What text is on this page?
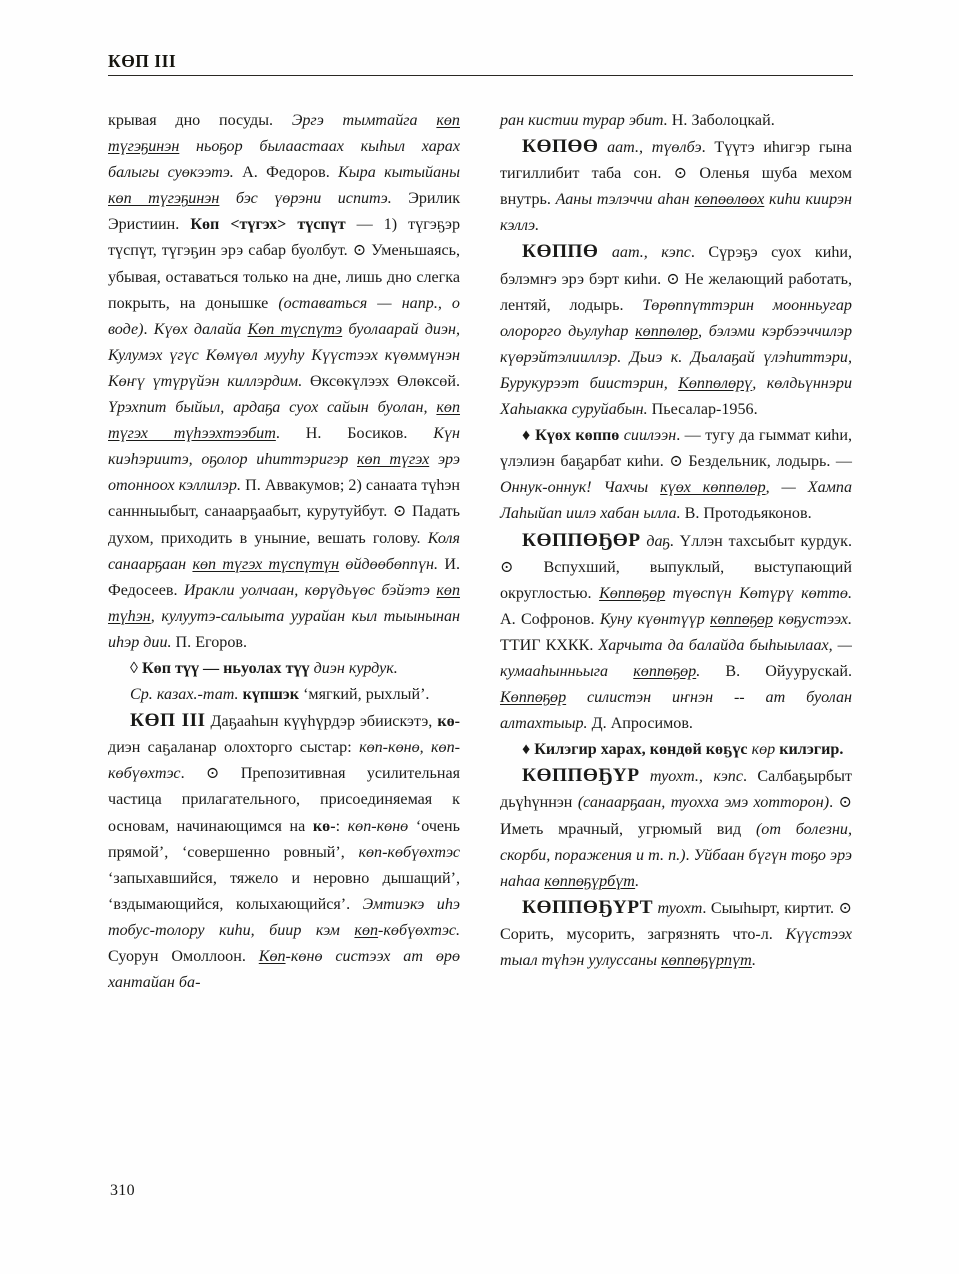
КӨП III

крывая дно посуды. Эргэ тымтайга көп түгэҕинэн ньоҕор былаастаах кыһыл харах балыгы суөкээтэ. А. Федоров. Кыра кытыйаны көп түгэҕинэн бэс үөрэни испитэ. Эрилик Эристиин. Көп <түгэх> түспүт — 1) түгэҕэр түспүт, түгэҕин эрэ сабар буолбут. ⊙ Уменьшаясь, убывая, оставаться только на дне, лишь дно слегка покрыть, на донышке (оставаться — напр., о воде). Күөх далайа Көп түспүтэ буолаарай диэн, Кулумэх үгүс Көмүөл мууһу Күүстээх күөммүнэн Көҥү үтүрүйэн киллэрдим. Өксөкүлээх Өлөксөй. Үрэхпит быйыл, ардаҕа суох сайын буолан, көп түгэх түһээхтээбит. Н. Босиков. Күн киэһэриитэ, оҕолор иһиттэригэр көп түгэх эрэ отонноох кэллилэр. П. Аввакумов; 2) санаата түһэн саннныыбыт, санаарҕаабыт, курутуйбут. ⊙ Падать духом, приходить в уныние, вешать голову. Коля санаарҕаан көп түгэх түспүтүн өйдөөбөппүн. И. Федосеев. Иракли уолчаан, көрүдьүөс бэйэтэ көп түһэн, кулуутэ-салыыта уурайан кыл тыынынан иһэр дии. П. Егоров.

◊ Көп түү — ньуолах түү диэн курдук.

Ср. казах.-тат. күпшэк ‘мягкий, рыхлый’.

КӨП III Даҕааһын күүһүрдэр эбиискэтэ, кө- диэн саҕаланар олохторго сыстар: көп-көнө, көп-көбүөхтэс. ⊙ Препозитивная усилительная частица прилагательного, присоединяемая к основам, начинающимся на кө-: көп-көнө ‘очень прямой’, ‘совершенно ровный’, көп-көбүөхтэс ‘запыхавшийся, тяжело и неровно дышащий’, ‘вздымающийся, колыхающийся’. Эмтиэкэ иһэ тобус-толору киһи, биир кэм көп-көбүөхтэс. Суорун Омоллоон. Көп-көнө систээх ат өрө хантайан ба-

ран кистии турар эбит. Н. Заболоцкай.

КӨПӨӨ аат., түөлбэ. Түүтэ иһигэр гына тигиллибит таба сон. ⊙ Оленья шуба мехом внутрь. Ааны тэлэччи аһан көпөөлөөх киһи киирэн кэллэ.

КӨППӨ аат., кэпс. Сүрэҕэ суох киһи, бэлэмҥэ эрэ бэрт киһи. ⊙ Не желающий работать, лентяй, лодырь. Төрөппүттэрин моонньугар олорорго дьулуһар көппөлөр, бэлэми кэрбээччилэр күөрэйтэлииллэр. Дьиэ к. Дьалаҕай үлэһиттэри, Бурукурээт биистэрин, Көппөлөрү, көлдьүннэри Хаһыакка суруйабын. Пьесалар-1956.

♦ Күөх көппө сиилээн. — тугу да гыммат киһи, үлэлиэн баҕарбат киһи. ⊙ Бездельник, лодырь. — Оннук-оннук! Чахчы күөх көппөлөр, — Хампа Лаһыйап иилэ хабан ылла. В. Протодьяконов.

КӨППӨҔӨР даҕ. Үллэн тахсыбыт курдук. ⊙ Вспухший, выпуклый, выступающий округлостью. Көппөҕөр түөспүн Көтүрү көттө. А. Софронов. Куну күөнтүүр көппөҕөр көҕустээх. ТТИГ КХКК. Харчыта да балайда быһыылаах, — кумааһынньыга көппөҕөр. В. Ойуурускай. Көппөҕөр силистэн иҥнэн -- ат буолан алтахтыыр. Д. Апросимов.

♦ Килэгир харах, көндөй көҕүс көр килэгир.

КӨППӨҔҮР туохт., кэпс. Салбаҕырбыт дьүһүннэн (санаарҕаан, туохха эмэ хотторон). ⊙ Иметь мрачный, угрюмый вид (от болезни, скорби, поражения и т. п.). Уйбаан бүгүн тоҕо эрэ наһаа көппөҕүрбүт.

КӨППӨҔҮРТ туохт. Сыыһырт, киртит. ⊙ Сорить, мусорить, загрязнять что-л. Күүстээх тыал түһэн уулуссаны көппөҕүрпүт.

310
